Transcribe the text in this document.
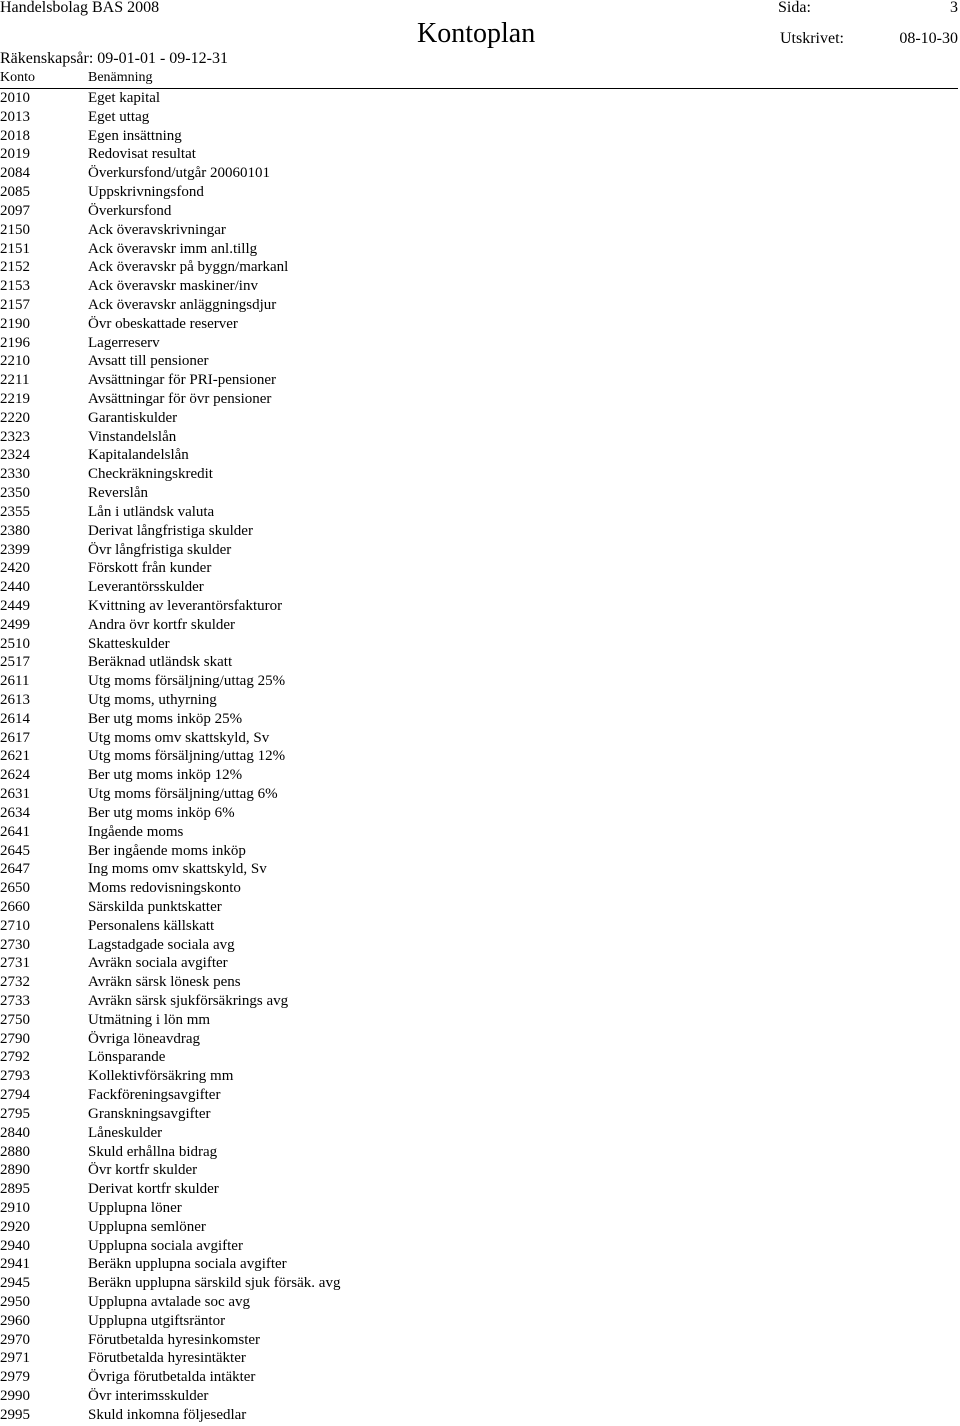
Handelsbolag BAS 2008	Sida:	3
Kontoplan	Utskrivet:	08-10-30
Räkenskapsår: 09-01-01 - 09-12-31
Konto	Benämning
2010	Eget kapital
2013	Eget uttag
2018	Egen insättning
2019	Redovisat resultat
2084	Överkursfond/utgår 20060101
2085	Uppskrivningsfond
2097	Överkursfond
2150	Ack överavskrivningar
2151	Ack överavskr imm anl.tillg
2152	Ack överavskr på byggn/markanl
2153	Ack överavskr maskiner/inv
2157	Ack överavskr anläggningsdjur
2190	Övr obeskattade reserver
2196	Lagerreserv
2210	Avsatt till pensioner
2211	Avsättningar för PRI-pensioner
2219	Avsättningar för övr pensioner
2220	Garantiskulder
2323	Vinstandelslån
2324	Kapitalandelslån
2330	Checkräkningskredit
2350	Reverslån
2355	Lån i utländsk valuta
2380	Derivat långfristiga skulder
2399	Övr långfristiga skulder
2420	Förskott från kunder
2440	Leverantörsskulder
2449	Kvittning av leverantörsfakturor
2499	Andra övr kortfr skulder
2510	Skatteskulder
2517	Beräknad utländsk skatt
2611	Utg moms försäljning/uttag 25%
2613	Utg moms, uthyrning
2614	Ber utg moms inköp 25%
2617	Utg moms omv skattskyld, Sv
2621	Utg moms försäljning/uttag 12%
2624	Ber utg moms inköp 12%
2631	Utg moms försäljning/uttag 6%
2634	Ber utg moms inköp 6%
2641	Ingående moms
2645	Ber ingående moms inköp
2647	Ing moms omv skattskyld, Sv
2650	Moms redovisningskonto
2660	Särskilda punktskatter
2710	Personalens källskatt
2730	Lagstadgade sociala avg
2731	Avräkn sociala avgifter
2732	Avräkn särsk lönesk pens
2733	Avräkn särsk sjukförsäkrings avg
2750	Utmätning i lön mm
2790	Övriga löneavdrag
2792	Lönsparande
2793	Kollektivförsäkring mm
2794	Fackföreningsavgifter
2795	Granskningsavgifter
2840	Låneskulder
2880	Skuld erhållna bidrag
2890	Övr kortfr skulder
2895	Derivat kortfr skulder
2910	Upplupna löner
2920	Upplupna semlöner
2940	Upplupna sociala avgifter
2941	Beräkn upplupna sociala avgifter
2945	Beräkn upplupna särskild sjuk försäk. avg
2950	Upplupna avtalade soc avg
2960	Upplupna utgiftsräntor
2970	Förutbetalda hyresinkomster
2971	Förutbetalda hyresintäkter
2979	Övriga förutbetalda intäkter
2990	Övr interimsskulder
2995	Skuld inkomna följesedlar
